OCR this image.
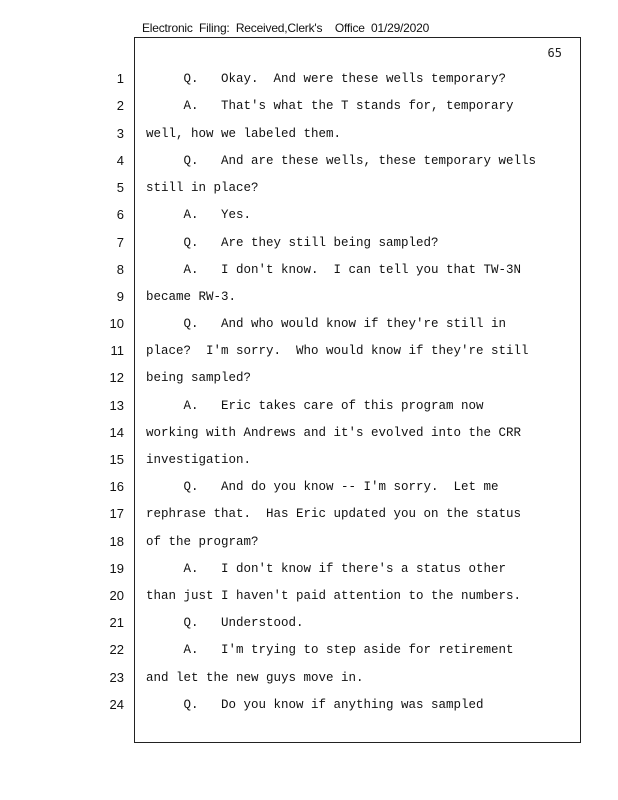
Electronic  Filing:  Received,Clerk's    Office  01/29/2020
65
1 Q.   Okay.  And were these wells temporary?
2 A.   That's what the T stands for, temporary
3 well, how we labeled them.
4 Q.   And are these wells, these temporary wells
5 still in place?
6 A.   Yes.
7 Q.   Are they still being sampled?
8 A.   I don't know.  I can tell you that TW-3N
9 became RW-3.
10 Q.   And who would know if they're still in
11 place?  I'm sorry.  Who would know if they're still
12 being sampled?
13 A.   Eric takes care of this program now
14 working with Andrews and it's evolved into the CRR
15 investigation.
16 Q.   And do you know -- I'm sorry.  Let me
17 rephrase that.  Has Eric updated you on the status
18 of the program?
19 A.   I don't know if there's a status other
20 than just I haven't paid attention to the numbers.
21 Q.   Understood.
22 A.   I'm trying to step aside for retirement
23 and let the new guys move in.
24 Q.   Do you know if anything was sampled
